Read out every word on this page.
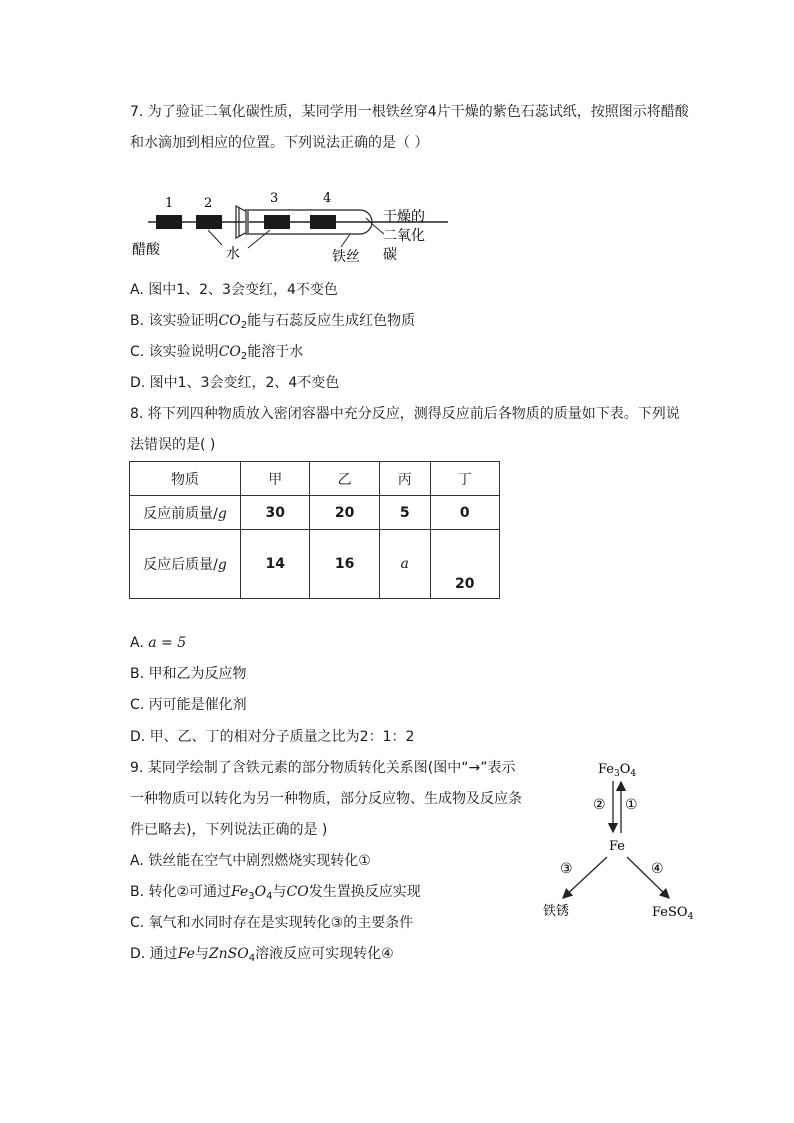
7. 为了验证二氧化碳性质，某同学用一根铁丝穿4片干燥的紫色石蕊试纸，按照图示将醋酸
和水滴加到相应的位置。下列说法正确的是（ ）
1 2	3	4
醋酸	水	铁丝
干燥的
二氧化
碳
A. 图中1、2、3会变红，4不变色
B. 该实验证明$CO_2$能与石蕊反应生成红色物质
C. 该实验说明$CO_2$能溶于水
D. 图中1、3会变红，2、4不变色
8. 将下列四种物质放入密闭容器中充分反应，测得反应前后各物质的质量如下表。下列说
法错误的是( )
物质	甲	乙	丙	丁
反应前质量/g	30	20	5	0
反应后质量/g	14	16	a	20
A. a = 5
B. 甲和乙为反应物
C. 丙可能是催化剂
D. 甲、乙、丁的相对分子质量之比为2：1：2
9. 某同学绘制了含铁元素的部分物质转化关系图(图中“→”表示
一种物质可以转化为另一种物质，部分反应物、生成物及反应条
件已略去)，下列说法正确的是 )
A. 铁丝能在空气中剧烈燃烧实现转化①
B. 转化②可通过$Fe_3O_4$与CO发生置换反应实现
C. 氧气和水同时存在是实现转化③的主要条件
D. 通过Fe与ZnSO$_4$溶液反应可实现转化④
$Fe_3O_4$
② ①
Fe
③	④
铁锈	FeSO$_4$
